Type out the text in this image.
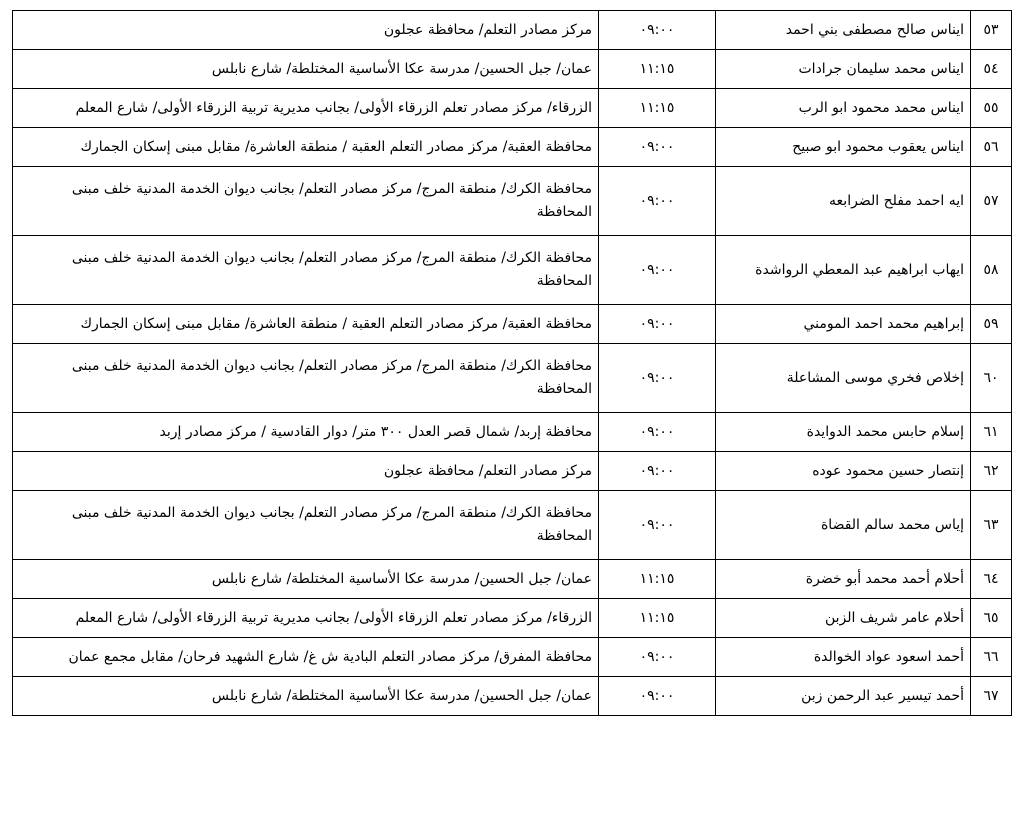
٥٣	ايناس صالح مصطفى بني احمد	٠٩:٠٠	مركز مصادر التعلم/ محافظة عجلون
٥٤	ايناس محمد سليمان جرادات	١١:١٥	عمان/ جبل الحسين/ مدرسة عكا الأساسية المختلطة/ شارع نابلس
٥٥	ايناس محمد محمود ابو الرب	١١:١٥	الزرقاء/ مركز مصادر تعلم الزرقاء الأولى/ بجانب مديرية تربية الزرقاء الأولى/ شارع المعلم
٥٦	ايناس يعقوب محمود ابو صبيح	٠٩:٠٠	محافظة العقبة/ مركز مصادر التعلم العقبة / منطقة العاشرة/ مقابل مبنى إسكان الجمارك
٥٧	ايه احمد مفلح الضرابعه	٠٩:٠٠	محافظة الكرك/ منطقة المرج/ مركز مصادر التعلم/ بجانب ديوان الخدمة المدنية خلف مبنى المحافظة
٥٨	ايهاب ابراهيم عبد المعطي الرواشدة	٠٩:٠٠	محافظة الكرك/ منطقة المرج/ مركز مصادر التعلم/ بجانب ديوان الخدمة المدنية خلف مبنى المحافظة
٥٩	إبراهيم محمد احمد المومني	٠٩:٠٠	محافظة العقبة/ مركز مصادر التعلم العقبة / منطقة العاشرة/ مقابل مبنى إسكان الجمارك
٦٠	إخلاص فخري موسى المشاعلة	٠٩:٠٠	محافظة الكرك/ منطقة المرج/ مركز مصادر التعلم/ بجانب ديوان الخدمة المدنية خلف مبنى المحافظة
٦١	إسلام حابس محمد الدوايدة	٠٩:٠٠	محافظة إربد/ شمال قصر العدل ٣٠٠ متر/ دوار القادسية / مركز مصادر إربد
٦٢	إنتصار حسين محمود عوده	٠٩:٠٠	مركز مصادر التعلم/ محافظة عجلون
٦٣	إياس محمد سالم القضاة	٠٩:٠٠	محافظة الكرك/ منطقة المرج/ مركز مصادر التعلم/ بجانب ديوان الخدمة المدنية خلف مبنى المحافظة
٦٤	أحلام أحمد محمد أبو خضرة	١١:١٥	عمان/ جبل الحسين/ مدرسة عكا الأساسية المختلطة/ شارع نابلس
٦٥	أحلام عامر شريف الزبن	١١:١٥	الزرقاء/ مركز مصادر تعلم الزرقاء الأولى/ بجانب مديرية تربية الزرقاء الأولى/ شارع المعلم
٦٦	أحمد اسعود عواد الخوالدة	٠٩:٠٠	محافظة المفرق/ مركز مصادر التعلم البادية ش غ/ شارع الشهيد فرحان/ مقابل مجمع عمان
٦٧	أحمد تيسير عبد الرحمن زبن	٠٩:٠٠	عمان/ جبل الحسين/ مدرسة عكا الأساسية المختلطة/ شارع نابلس
